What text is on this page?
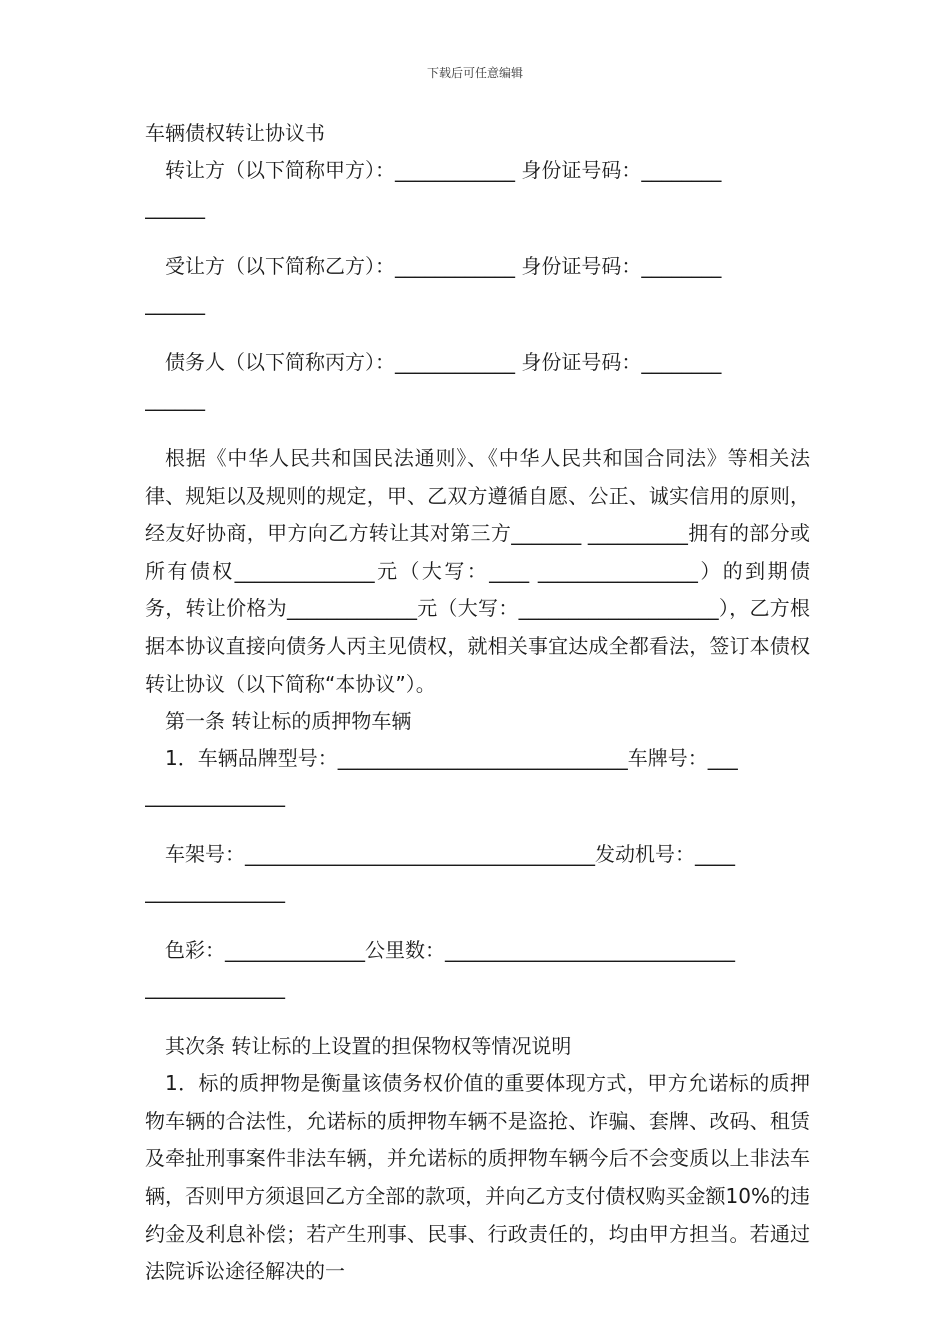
下载后可任意编辑
车辆债权转让协议书
转让方（以下简称甲方）：____________ 身份证号码：________
______
受让方（以下简称乙方）：____________ 身份证号码：________
______
债务人（以下简称丙方）：____________ 身份证号码：________
______
根据《中华人民共和国民法通则》、《中华人民共和国合同法》等相关法律、规矩以及规则的规定，甲、乙双方遵循自愿、公正、诚实信用的原则，经友好协商，甲方向乙方转让其对第三方_______ __________拥有的部分或所有债权______________元（大写：____ ________________）的到期债务，转让价格为_____________元（大写：____________________），乙方根据本协议直接向债务人丙主见债权，就相关事宜达成全都看法，签订本债权转让协议（以下简称“本协议”）。
第一条 转让标的质押物车辆
1．车辆品牌型号：_____________________________车牌号：___
______________
车架号：___________________________________发动机号：____
______________
色彩：______________公里数：_____________________________
______________
其次条 转让标的上设置的担保物权等情况说明
1．标的质押物是衡量该债务权价值的重要体现方式，甲方允诺标的质押物车辆的合法性，允诺标的质押物车辆不是盗抢、诈骗、套牌、改码、租赁及牵扯刑事案件非法车辆，并允诺标的质押物车辆今后不会变质以上非法车辆，否则甲方须退回乙方全部的款项，并向乙方支付债权购买金额10%的违约金及利息补偿；若产生刑事、民事、行政责任的，均由甲方担当。若通过法院诉讼途径解决的一
